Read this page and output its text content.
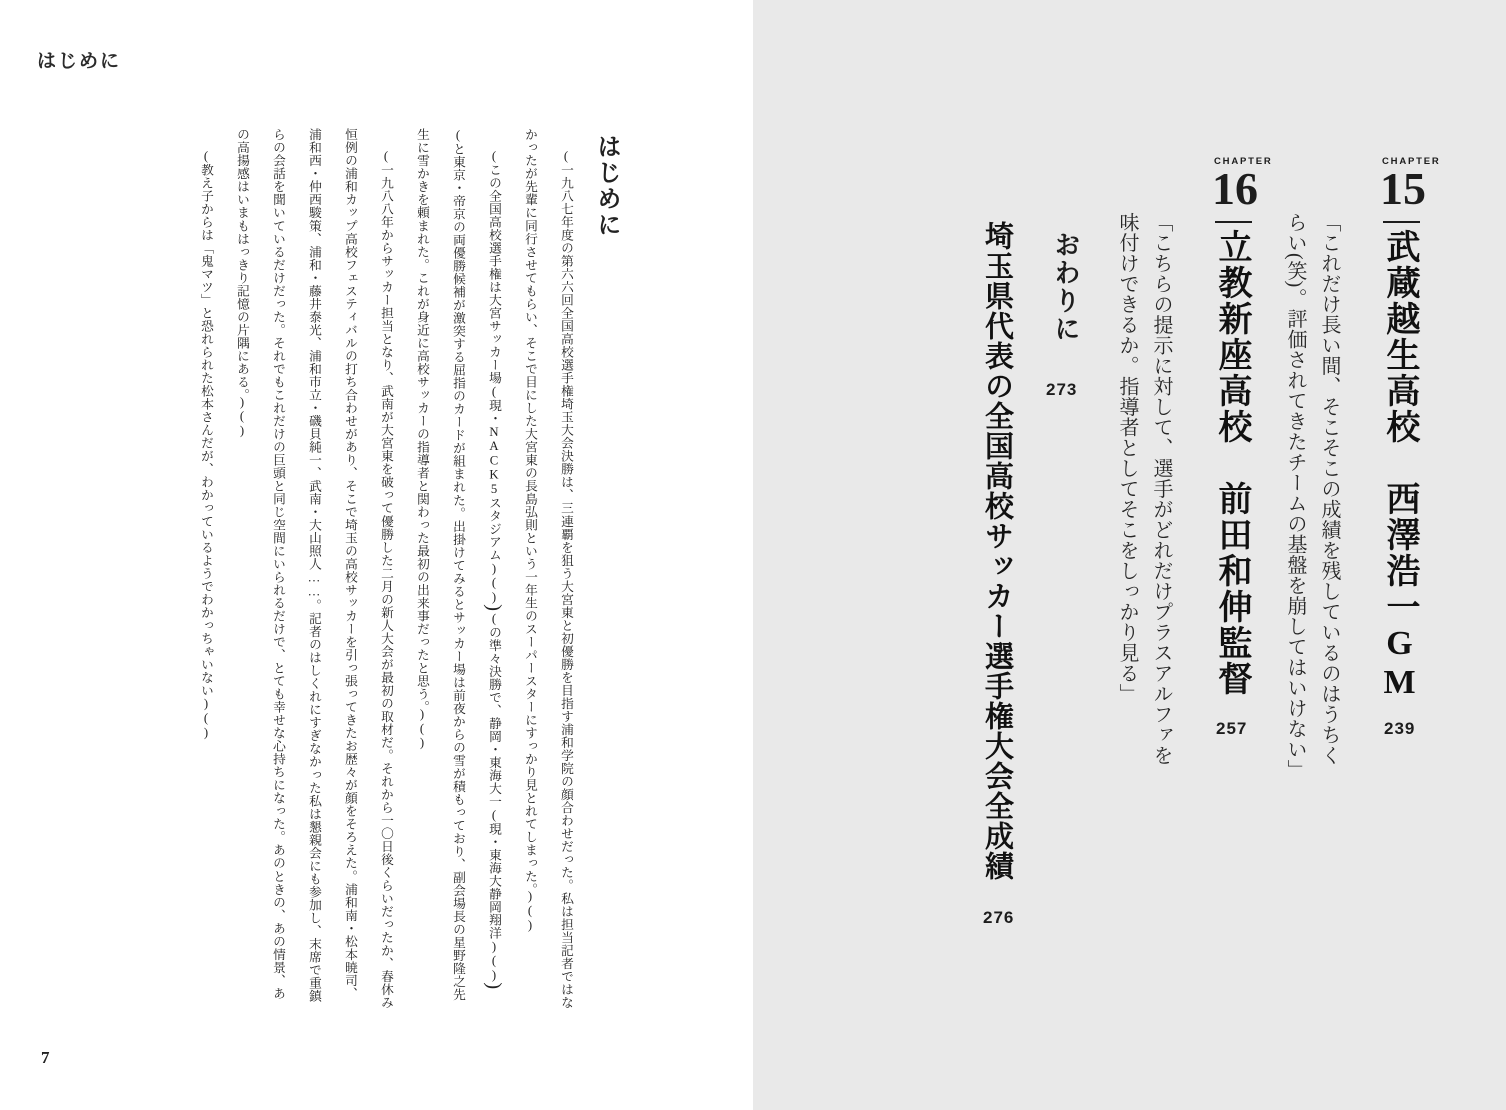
はじめに
はじめに

(一九八七年度の第六六回全国高校選手権埼玉大会決勝は、三連覇を狙う大宮東と初優勝を目指す浦和学院の顔合わせだった。私は担当記者ではなかったが先輩に同行させてもらい、そこで目にした大宮東の長島弘則という一年生のスーパースターにすっかり見とれてしまった。)()

(この全国高校選手権は大宮サッカー場(現・NACK5スタジアム)())(の準々決勝で、静岡・東海大一(現・東海大静岡翔洋)())(と東京・帝京の両優勝候補が激突する屈指のカードが組まれた。出掛けてみるとサッカー場は前夜からの雪が積もっており、副会場長の星野隆之先生に雪かきを頼まれた。これが身近に高校サッカーの指導者と関わった最初の出来事だったと思う。)()

(一九八八年からサッカー担当となり、武南が大宮東を破って優勝した二月の新人大会が最初の取材だ。それから一〇日後くらいだったか、春休み恒例の浦和カップ高校フェスティバルの打ち合わせがあり、そこで埼玉の高校サッカーを引っ張ってきたお歴々が顔をそろえた。浦和南・松本暁司、浦和西・仲西駿策、浦和・藤井泰光、浦和市立・磯貝純一、武南・大山照人……。記者のはしくれにすぎなかった私は懇親会にも参加し、末席で重鎮らの会話を聞いているだけだった。それでもこれだけの巨頭と同じ空間にいられるだけで、とても幸せな心持ちになった。あのときの、あの情景、あの高揚感はいまもはっきり記憶の片隅にある。)()

(教え子からは「鬼マツ」と恐れられた松本さんだが、わかっているようでわかっちゃいない)()

7
CHAPTER
15
武蔵越生高校　西澤浩一GM
239
「これだけ長い間、そこそこの成績を残しているのはうちく
らい(笑)。評価されてきたチームの基盤を崩してはいけない」
CHAPTER
16
立教新座高校　前田和伸監督
257
「こちらの提示に対して、選手がどれだけプラスアルファを
味付けできるか。指導者としてそこをしっかり見る」
おわりに
273
埼玉県代表の全国高校サッカー選手権大会全成績
276
